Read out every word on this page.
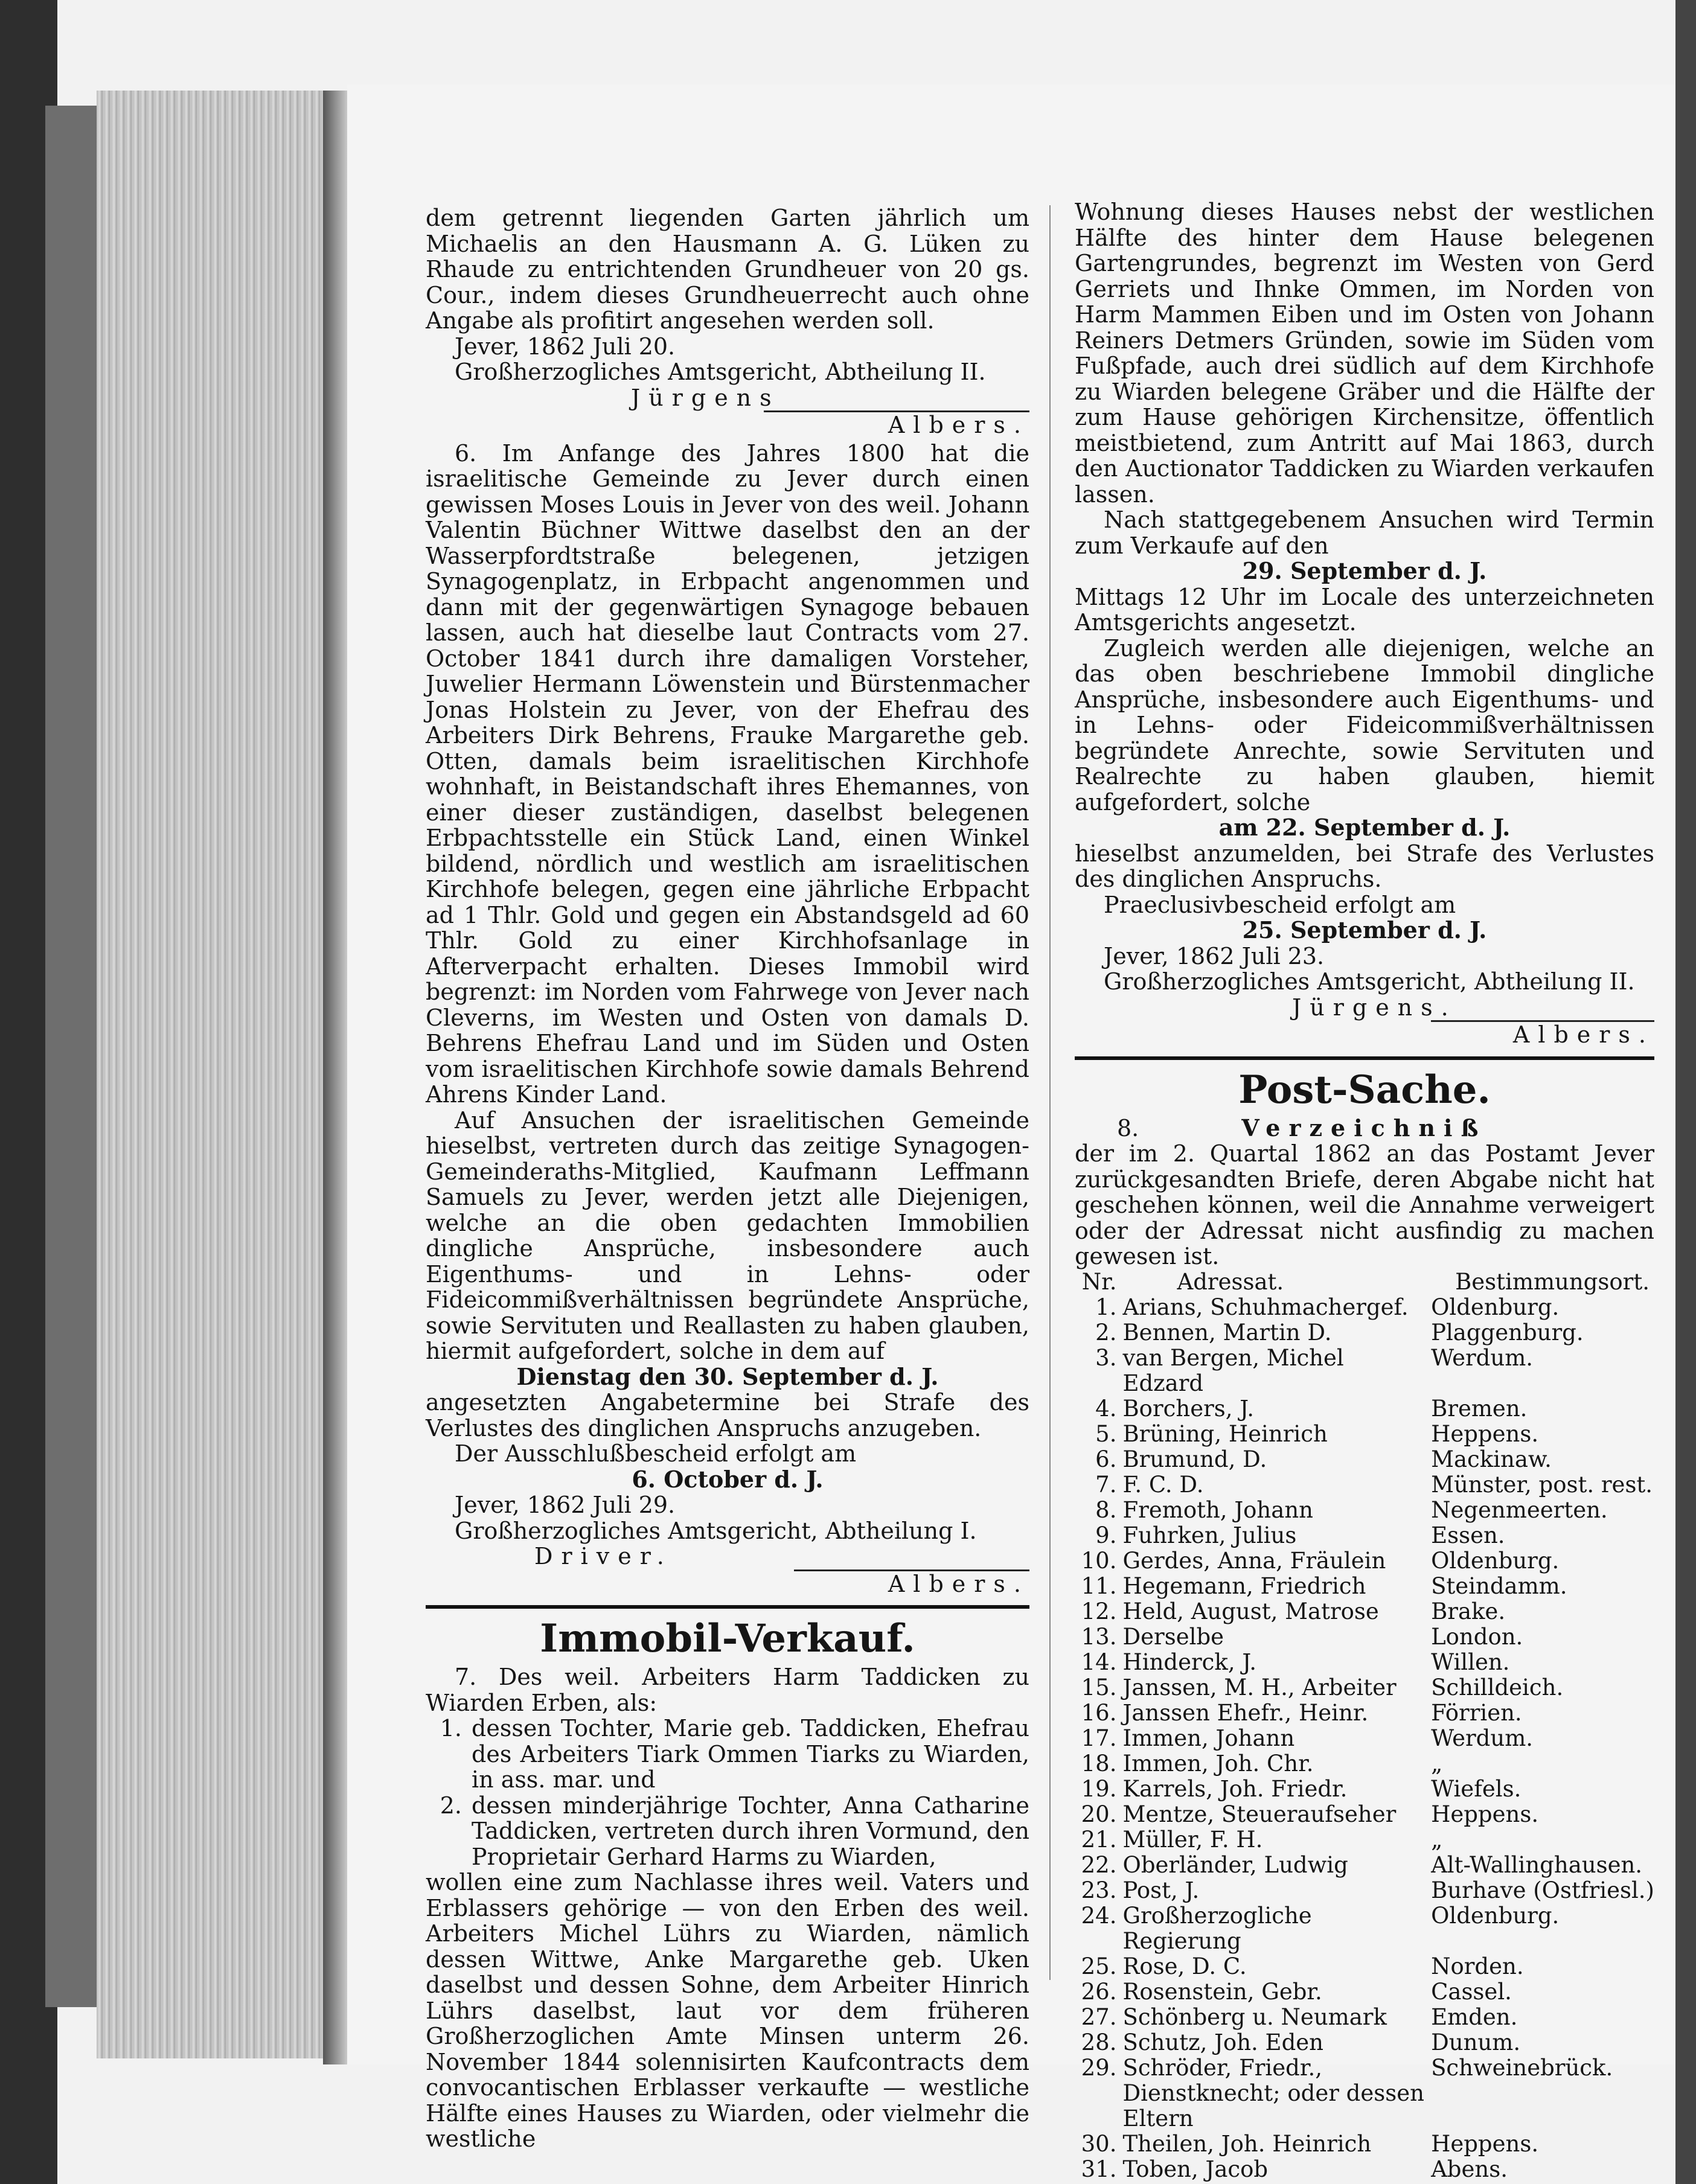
dem getrennt liegenden Garten jährlich um Michaelis an den Hausmann A. G. Lüken zu Rhaude zu entrichtenden Grundheuer von 20 gs. Cour., indem dieses Grundheuerrecht auch ohne Angabe als profitirt angesehen werden soll.

Jever, 1862 Juli 20.

Großherzogliches Amtsgericht, Abtheilung II.

Jürgens

Albers.

6. Im Anfange des Jahres 1800 hat die israelitische Gemeinde zu Jever durch einen gewissen Moses Louis in Jever von des weil. Johann Valentin Büchner Wittwe daselbst den an der Wasserpfordtstraße belegenen, jetzigen Synagogenplatz, in Erbpacht angenommen und dann mit der gegenwärtigen Synagoge bebauen lassen, auch hat dieselbe laut Contracts vom 27. October 1841 durch ihre damaligen Vorsteher, Juwelier Hermann Löwenstein und Bürstenmacher Jonas Holstein zu Jever, von der Ehefrau des Arbeiters Dirk Behrens, Frauke Margarethe geb. Otten, damals beim israelitischen Kirchhofe wohnhaft, in Beistandschaft ihres Ehemannes, von einer dieser zuständigen, daselbst belegenen Erbpachtsstelle ein Stück Land, einen Winkel bildend, nördlich und westlich am israelitischen Kirchhofe belegen, gegen eine jährliche Erbpacht ad 1 Thlr. Gold und gegen ein Abstandsgeld ad 60 Thlr. Gold zu einer Kirchhofsanlage in Afterverpacht erhalten. Dieses Immobil wird begrenzt: im Norden vom Fahrwege von Jever nach Cleverns, im Westen und Osten von damals D. Behrens Ehefrau Land und im Süden und Osten vom israelitischen Kirchhofe sowie damals Behrend Ahrens Kinder Land.

Auf Ansuchen der israelitischen Gemeinde hieselbst, vertreten durch das zeitige Synagogen-Gemeinderaths-Mitglied, Kaufmann Leffmann Samuels zu Jever, werden jetzt alle Diejenigen, welche an die oben gedachten Immobilien dingliche Ansprüche, insbesondere auch Eigenthums- und in Lehns- oder Fideicommißverhältnissen begründete Ansprüche, sowie Servituten und Reallasten zu haben glauben, hiermit aufgefordert, solche in dem auf

Dienstag den 30. September d. J.

angesetzten Angabetermine bei Strafe des Verlustes des dinglichen Anspruchs anzugeben.

Der Ausschlußbescheid erfolgt am

6. October d. J.

Jever, 1862 Juli 29.

Großherzogliches Amtsgericht, Abtheilung I.

Driver.

Albers.

Immobil-Verkauf.

7. Des weil. Arbeiters Harm Taddicken zu Wiarden Erben, als:

1. dessen Tochter, Marie geb. Taddicken, Ehefrau des Arbeiters Tiark Ommen Tiarks zu Wiarden, in ass. mar. und

2. dessen minderjährige Tochter, Anna Catharine Taddicken, vertreten durch ihren Vormund, den Proprietair Gerhard Harms zu Wiarden,

wollen eine zum Nachlasse ihres weil. Vaters und Erblassers gehörige — von den Erben des weil. Arbeiters Michel Lührs zu Wiarden, nämlich dessen Wittwe, Anke Margarethe geb. Uken daselbst und dessen Sohne, dem Arbeiter Hinrich Lührs daselbst, laut vor dem früheren Großherzoglichen Amte Minsen unterm 26. November 1844 solennisirten Kaufcontracts dem convocantischen Erblasser verkaufte — westliche Hälfte eines Hauses zu Wiarden, oder vielmehr die westliche

Wohnung dieses Hauses nebst der westlichen Hälfte des hinter dem Hause belegenen Gartengrundes, begrenzt im Westen von Gerd Gerriets und Ihnke Ommen, im Norden von Harm Mammen Eiben und im Osten von Johann Reiners Detmers Gründen, sowie im Süden vom Fußpfade, auch drei südlich auf dem Kirchhofe zu Wiarden belegene Gräber und die Hälfte der zum Hause gehörigen Kirchensitze, öffentlich meistbietend, zum Antritt auf Mai 1863, durch den Auctionator Taddicken zu Wiarden verkaufen lassen.

Nach stattgegebenem Ansuchen wird Termin zum Verkaufe auf den

29. September d. J.

Mittags 12 Uhr im Locale des unterzeichneten Amtsgerichts angesetzt.

Zugleich werden alle diejenigen, welche an das oben beschriebene Immobil dingliche Ansprüche, insbesondere auch Eigenthums- und in Lehns- oder Fideicommißverhältnissen begründete Anrechte, sowie Servituten und Realrechte zu haben glauben, hiemit aufgefordert, solche

am 22. September d. J.

hieselbst anzumelden, bei Strafe des Verlustes des dinglichen Anspruchs.

Praeclusivbescheid erfolgt am

25. September d. J.

Jever, 1862 Juli 23.

Großherzogliches Amtsgericht, Abtheilung II.

Jürgens.

Albers.

Post-Sache.
8.	Verzeichniß

der im 2. Quartal 1862 an das Postamt Jever zurückgesandten Briefe, deren Abgabe nicht hat geschehen können, weil die Annahme verweigert oder der Adressat nicht ausfindig zu machen gewesen ist.

Nr.	Adressat.	Bestimmungsort.
1.	Arians, Schuhmachergef.	Oldenburg.
2.	Bennen, Martin D.	Plaggenburg.
3.	van Bergen, Michel Edzard	Werdum.
4.	Borchers, J.	Bremen.
5.	Brüning, Heinrich	Heppens.
6.	Brumund, D.	Mackinaw.
7.	F. C. D.	Münster, post. rest.
8.	Fremoth, Johann	Negenmeerten.
9.	Fuhrken, Julius	Essen.
10.	Gerdes, Anna, Fräulein	Oldenburg.
11.	Hegemann, Friedrich	Steindamm.
12.	Held, August, Matrose	Brake.
13.	Derselbe	London.
14.	Hinderck, J.	Willen.
15.	Janssen, M. H., Arbeiter	Schilldeich.
16.	Janssen Ehefr., Heinr.	Förrien.
17.	Immen, Johann	Werdum.
18.	Immen, Joh. Chr.	„
19.	Karrels, Joh. Friedr.	Wiefels.
20.	Mentze, Steueraufseher	Heppens.
21.	Müller, F. H.	„
22.	Oberländer, Ludwig	Alt-Wallinghausen.
23.	Post, J.	Burhave (Ostfriesl.)
24.	Großherzogliche Regierung	Oldenburg.
25.	Rose, D. C.	Norden.
26.	Rosenstein, Gebr.	Cassel.
27.	Schönberg u. Neumark	Emden.
28.	Schutz, Joh. Eden	Dunum.
29.	Schröder, Friedr., Dienstknecht; oder dessen Eltern	Schweinebrück.
30.	Theilen, Joh. Heinrich	Heppens.
31.	Toben, Jacob	Abens.
